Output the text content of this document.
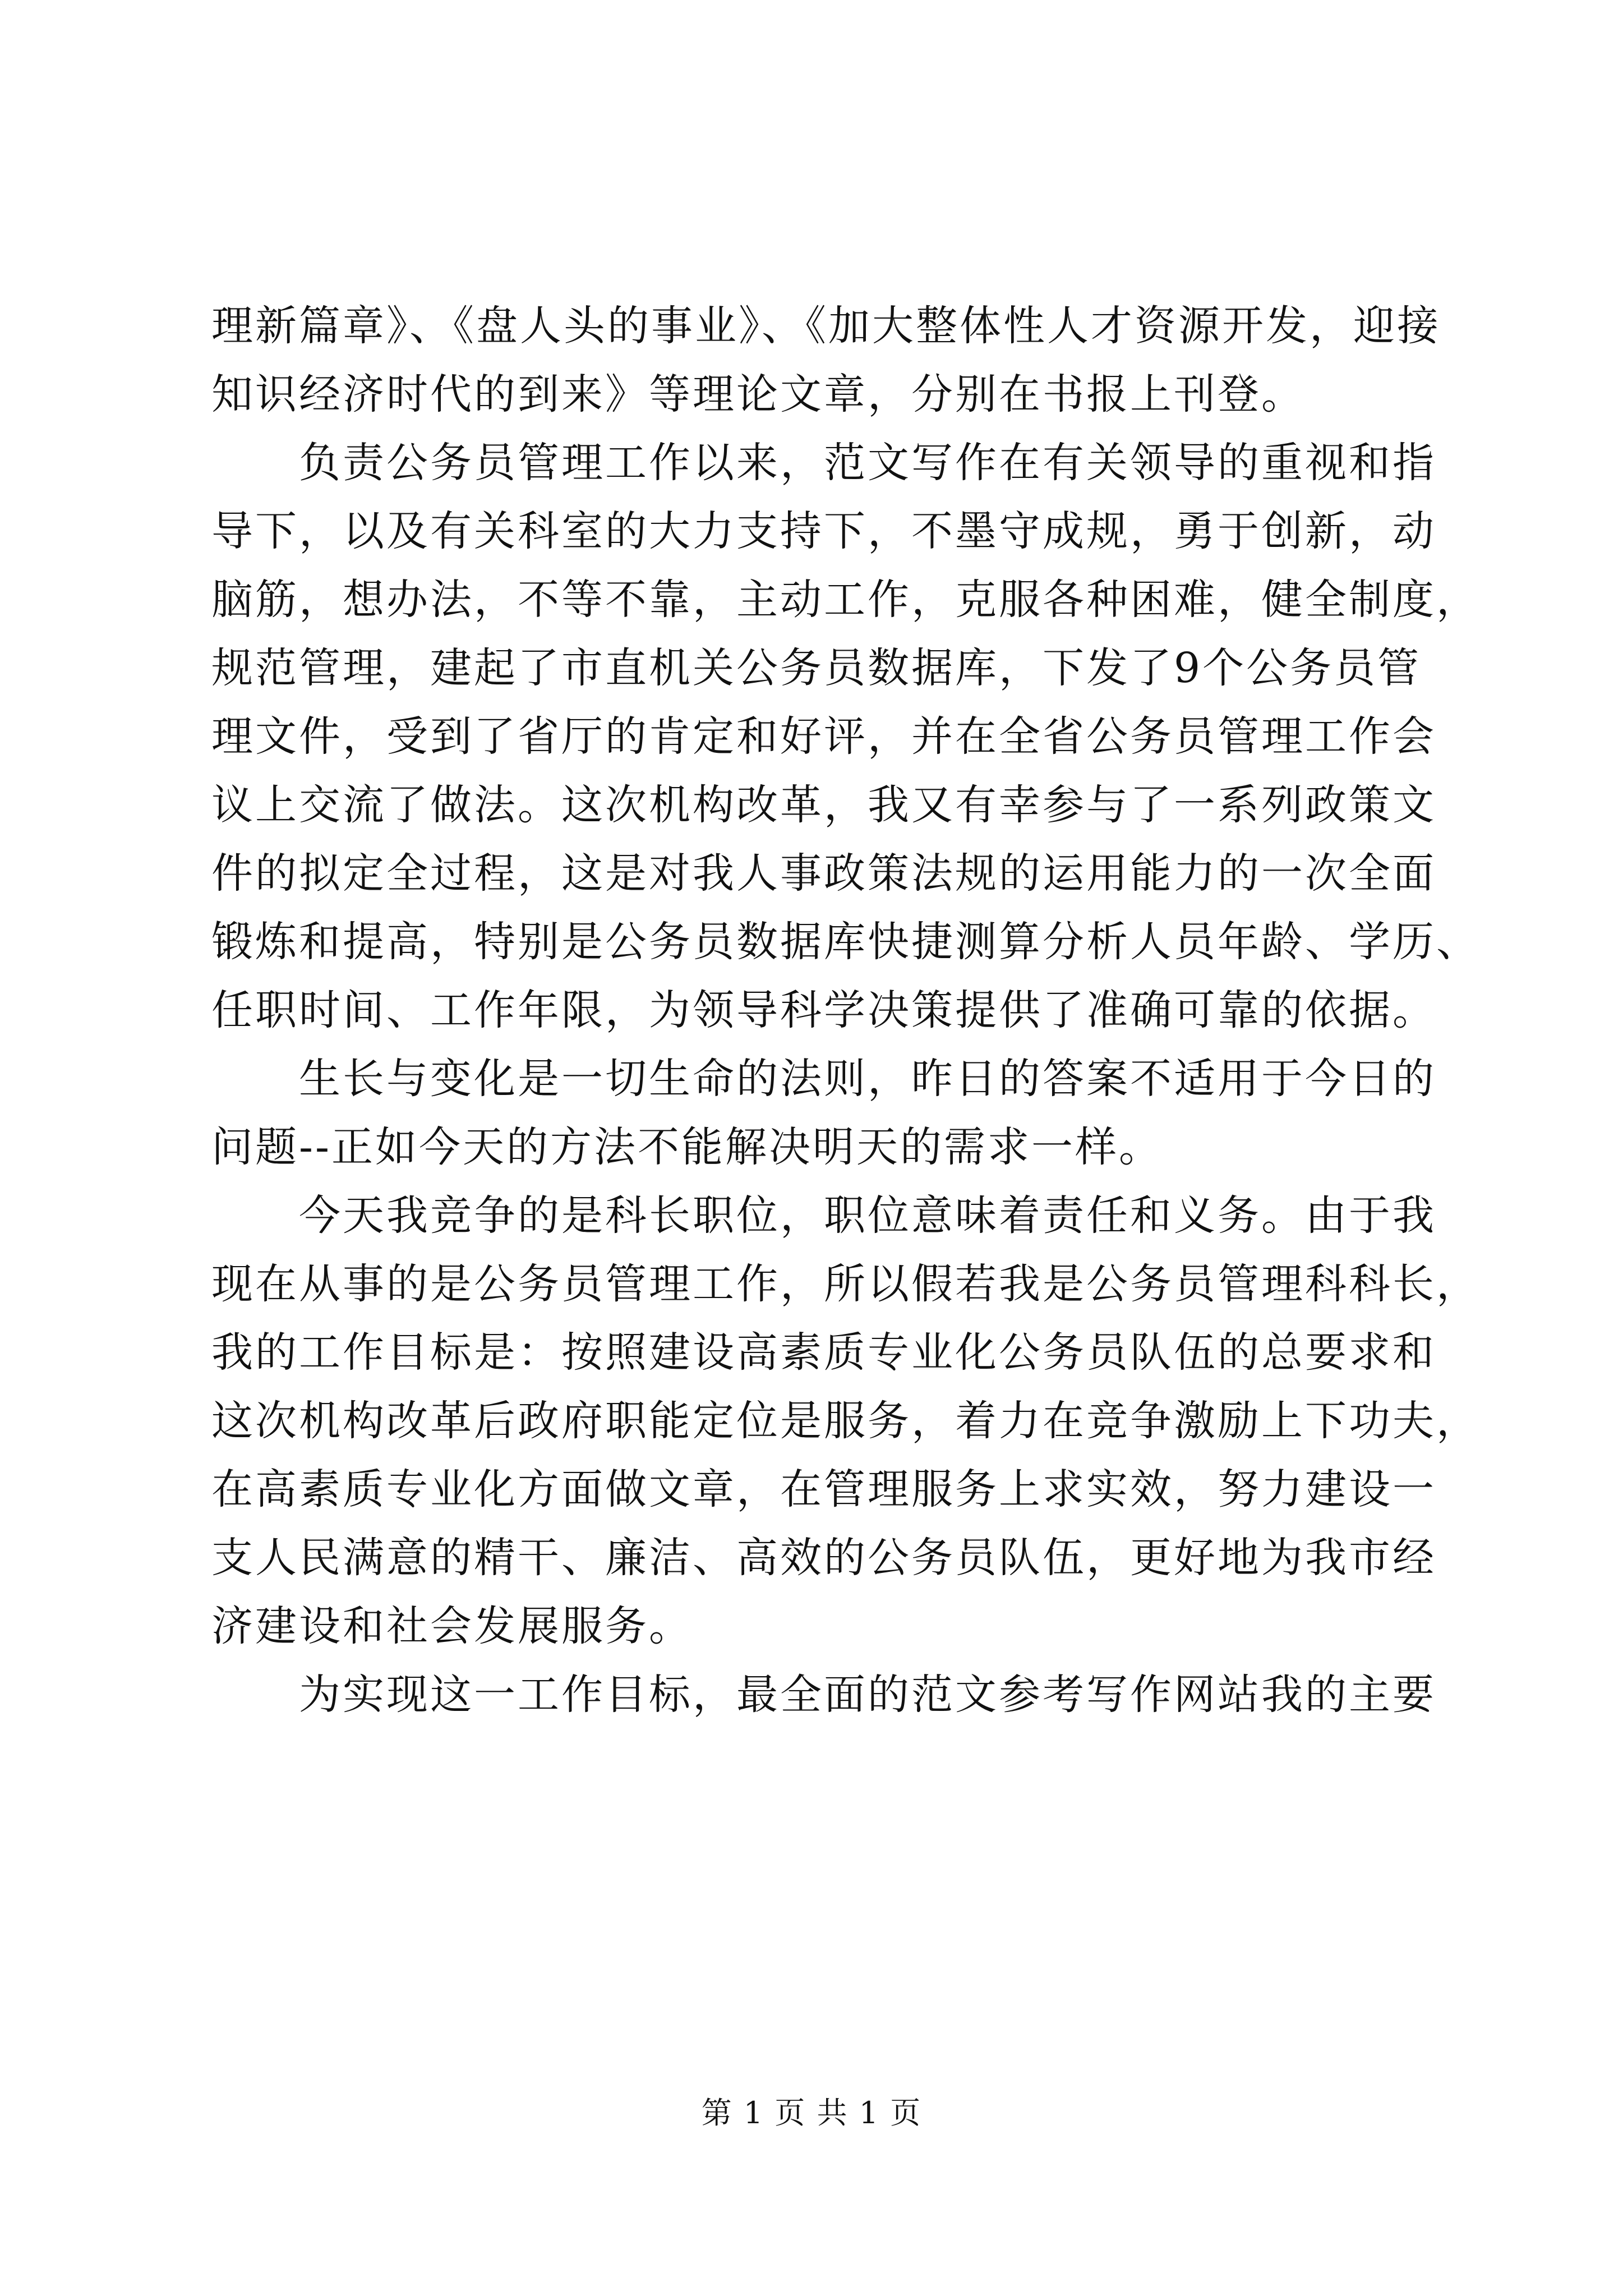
理新篇章》、《盘人头的事业》、《加大整体性人才资源开发，迎接
知识经济时代的到来》等理论文章，分别在书报上刊登。

负责公务员管理工作以来，范文写作在有关领导的重视和指
导下，以及有关科室的大力支持下，不墨守成规，勇于创新，动
脑筋，想办法，不等不靠，主动工作，克服各种困难，健全制度，
规范管理，建起了市直机关公务员数据库，下发了9个公务员管
理文件，受到了省厅的肯定和好评，并在全省公务员管理工作会
议上交流了做法。这次机构改革，我又有幸参与了一系列政策文
件的拟定全过程，这是对我人事政策法规的运用能力的一次全面
锻炼和提高，特别是公务员数据库快捷测算分析人员年龄、学历、
任职时间、工作年限，为领导科学决策提供了准确可靠的依据。

生长与变化是一切生命的法则，昨日的答案不适用于今日的
问题--正如今天的方法不能解决明天的需求一样。

今天我竞争的是科长职位，职位意味着责任和义务。由于我
现在从事的是公务员管理工作，所以假若我是公务员管理科科长，
我的工作目标是：按照建设高素质专业化公务员队伍的总要求和
这次机构改革后政府职能定位是服务，着力在竞争激励上下功夫，
在高素质专业化方面做文章，在管理服务上求实效，努力建设一
支人民满意的精干、廉洁、高效的公务员队伍，更好地为我市经
济建设和社会发展服务。

为实现这一工作目标，最全面的范文参考写作网站我的主要

第 1 页 共 1 页
